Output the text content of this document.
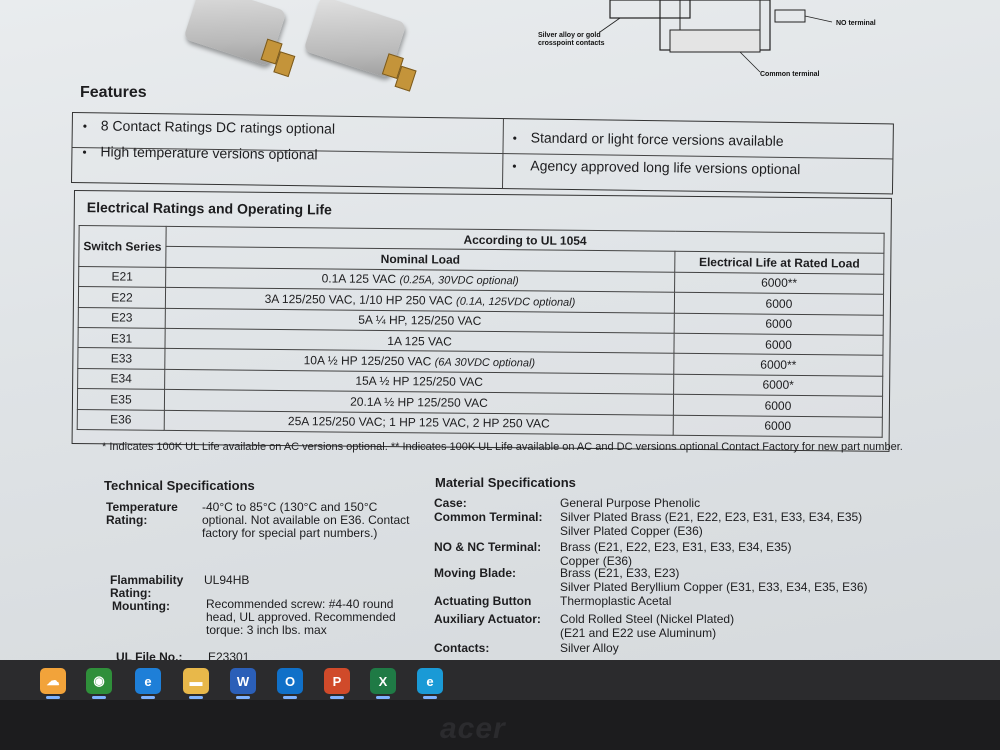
Silver alloy or gold crosspoint contacts
NO terminal
Common terminal
Features
• 8 Contact Ratings DC ratings optional
• Standard or light force versions available
• High temperature versions optional
• Agency approved long life versions optional
Electrical Ratings and Operating Life
Switch Series	According to UL 1054	
	Nominal Load	Electrical Life at Rated Load
E21	0.1A 125 VAC (0.25A, 30VDC optional)	6000**
E22	3A 125/250 VAC, 1/10 HP 250 VAC (0.1A, 125VDC optional)	6000
E23	5A ¼ HP, 125/250 VAC	6000
E31	1A 125 VAC	6000
E33	10A ½ HP 125/250 VAC (6A 30VDC optional)	6000**
E34	15A ½ HP 125/250 VAC	6000*
E35	20.1A ½ HP 125/250 VAC	6000
E36	25A 125/250 VAC; 1 HP 125 VAC, 2 HP 250 VAC	6000
* Indicates 100K UL Life available on AC versions optional. ** Indicates 100K UL Life available on AC and DC versions optional Contact Factory for new part number.
Technical Specifications
Temperature Rating:
-40°C to 85°C (130°C and 150°C optional. Not available on E36. Contact factory for special part numbers.)
Flammability Rating:
UL94HB
Mounting:	Recommended screw: #4-40 round head, UL approved. Recommended torque: 3 inch lbs. max
UL File No.: E23301
Material Specifications
Case:	General Purpose Phenolic
Common Terminal: Silver Plated Brass (E21, E22, E23, E31, E33, E34, E35)
Silver Plated Copper (E36)
NO & NC Terminal: Brass (E21, E22, E23, E31, E33, E34, E35)
Copper (E36)
Moving Blade:	Brass (E21, E33, E23)
Silver Plated Beryllium Copper (E31, E33, E34, E35, E36)
Actuating Button Thermoplastic Acetal
Auxiliary Actuator: Cold Rolled Steel (Nickel Plated)
(E21 and E22 use Aluminum)
Contacts:	Silver Alloy
☁	◉	e	▬	W	O	P	X	e
acer
